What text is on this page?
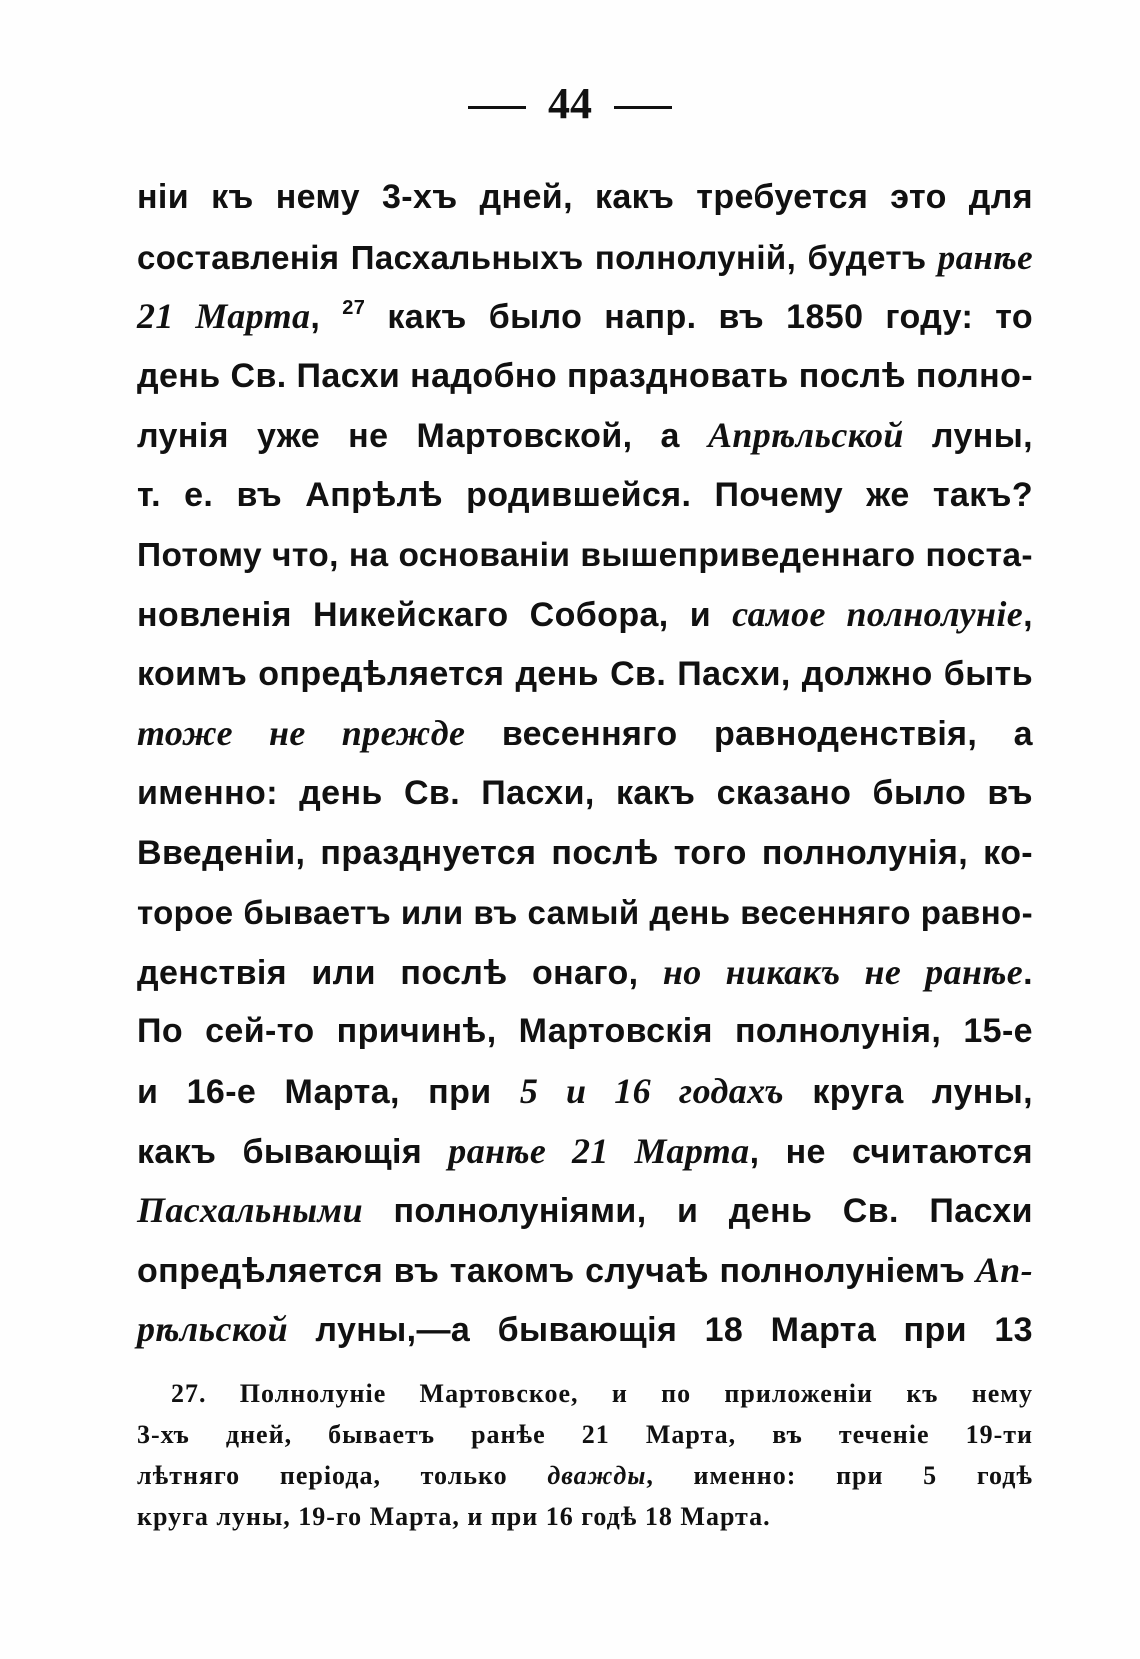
44
ніи къ нему 3-хъ дней, какъ требуется это для
составленія Пасхальныхъ полнолуній, будетъ ранѣе
21 Марта, $^{27}$ какъ было напр. въ 1850 году: то
день Св. Пасхи надобно праздновать послѣ полно-
лунія уже не Мартовской, а Апрѣльской луны,
т. е. въ Апрѣлѣ родившейся. Почему же такъ?
Потому что, на основаніи вышеприведеннаго поста-
новленія Никейскаго Собора, и самое полнолуніе,
коимъ опредѣляется день Св. Пасхи, должно быть
тоже не прежде весенняго равноденствія, а
именно: день Св. Пасхи, какъ сказано было въ
Введеніи, празднуется послѣ того полнолунія, ко-
торое бываетъ или въ самый день весенняго равно-
денствія или послѣ онаго, но никакъ не ранѣе.
По сей-то причинѣ, Мартовскія полнолунія, 15-е
и 16-е Марта, при 5 и 16 годахъ круга луны,
какъ бывающія ранѣе 21 Марта, не считаются
Пасхальными полнолуніями, и день Св. Пасхи
опредѣляется въ такомъ случаѣ полнолуніемъ Ап-
рѣльской луны,—а бывающія 18 Марта при 13
27. Полнолуніе Мартовское, и по приложеніи къ нему
3-хъ дней, бываетъ ранѣе 21 Марта, въ теченіе 19-ти
лѣтняго періода, только дважды, именно: при 5 годѣ
круга луны, 19-го Марта, и при 16 годѣ 18 Марта.
